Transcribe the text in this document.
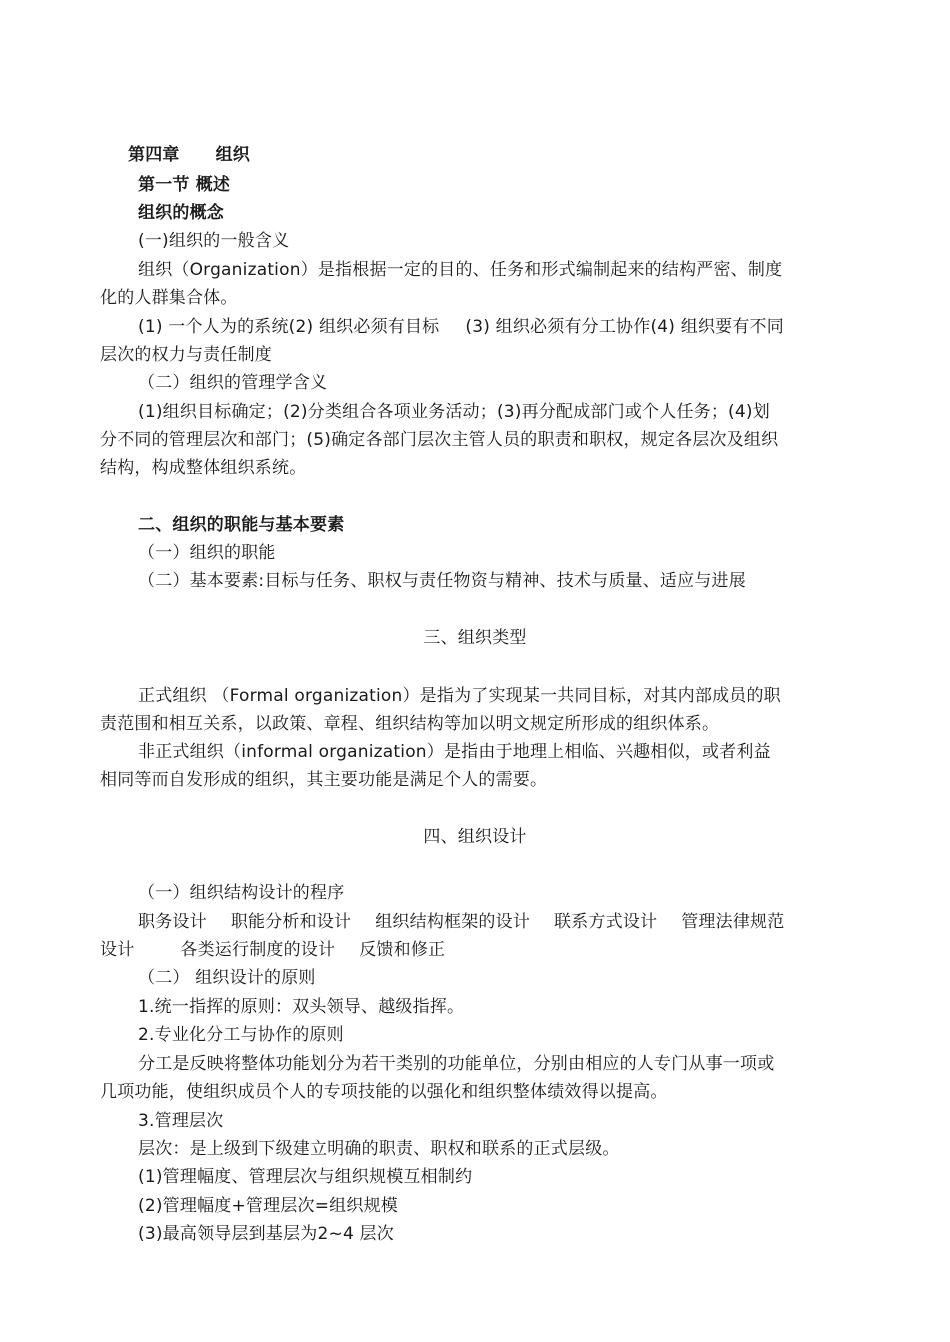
第四章 组织
第一节 概述
组织的概念
(一)组织的一般含义
组织（Organization）是指根据一定的目的、任务和形式编制起来的结构严密、制度
化的人群集合体。
(1) 一个人为的系统(2) 组织必须有目标 (3) 组织必须有分工协作(4) 组织要有不同
层次的权力与责任制度
（二）组织的管理学含义
(1)组织目标确定；(2)分类组合各项业务活动；(3)再分配成部门或个人任务；(4)划
分不同的管理层次和部门；(5)确定各部门层次主管人员的职责和职权，规定各层次及组织
结构，构成整体组织系统。
二、组织的职能与基本要素
（一）组织的职能
（二）基本要素:目标与任务、职权与责任物资与精神、技术与质量、适应与进展
三、组织类型
正式组织 （Formal organization）是指为了实现某一共同目标，对其内部成员的职
责范围和相互关系，以政策、章程、组织结构等加以明文规定所形成的组织体系。
非正式组织（informal organization）是指由于地理上相临、兴趣相似，或者利益
相同等而自发形成的组织，其主要功能是满足个人的需要。
四、组织设计
（一）组织结构设计的程序
职务设计 职能分析和设计 组织结构框架的设计 联系方式设计 管理法律规范
设计	各类运行制度的设计 反馈和修正
（二） 组织设计的原则
1.统一指挥的原则：双头领导、越级指挥。
2.专业化分工与协作的原则
分工是反映将整体功能划分为若干类别的功能单位，分别由相应的人专门从事一项或
几项功能，使组织成员个人的专项技能的以强化和组织整体绩效得以提高。
3.管理层次
层次：是上级到下级建立明确的职责、职权和联系的正式层级。
(1)管理幅度、管理层次与组织规模互相制约
(2)管理幅度+管理层次=组织规模
(3)最高领导层到基层为2~4 层次
